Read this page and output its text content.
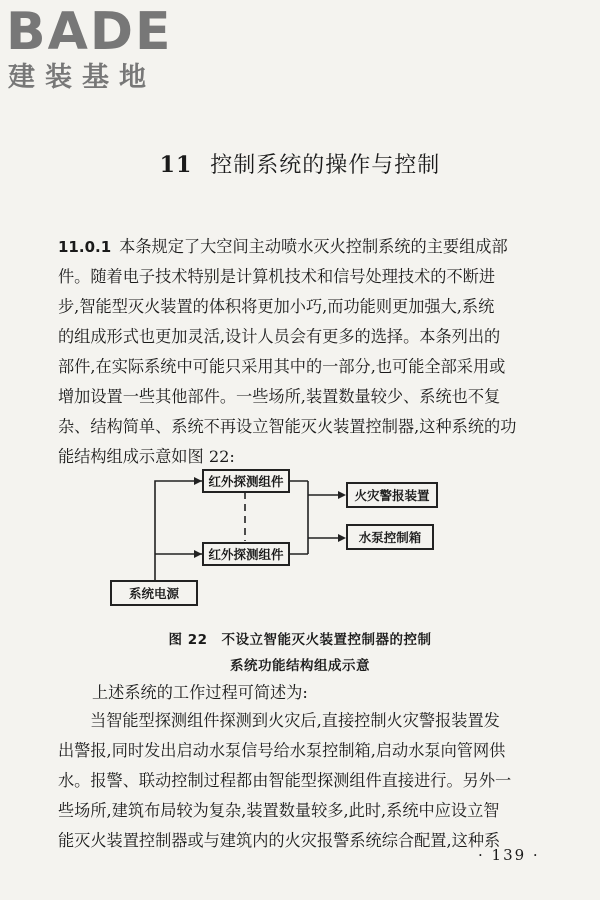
BADE
建装基地
11 控制系统的操作与控制
11.0.1 本条规定了大空间主动喷水灭火控制系统的主要组成部
件。随着电子技术特别是计算机技术和信号处理技术的不断进
步,智能型灭火装置的体积将更加小巧,而功能则更加强大,系统
的组成形式也更加灵活,设计人员会有更多的选择。本条列出的
部件,在实际系统中可能只采用其中的一部分,也可能全部采用或
增加设置一些其他部件。一些场所,装置数量较少、系统也不复
杂、结构简单、系统不再设立智能灭火装置控制器,这种系统的功
能结构组成示意如图 22:
红外探测组件
红外探测组件
火灾警报装置
水泵控制箱
系统电源
图 22 不设立智能灭火装置控制器的控制
系统功能结构组成示意
上述系统的工作过程可简述为:
当智能型探测组件探测到火灾后,直接控制火灾警报装置发
出警报,同时发出启动水泵信号给水泵控制箱,启动水泵向管网供
水。报警、联动控制过程都由智能型探测组件直接进行。另外一
些场所,建筑布局较为复杂,装置数量较多,此时,系统中应设立智
能灭火装置控制器或与建筑内的火灾报警系统综合配置,这种系
· 139 ·
